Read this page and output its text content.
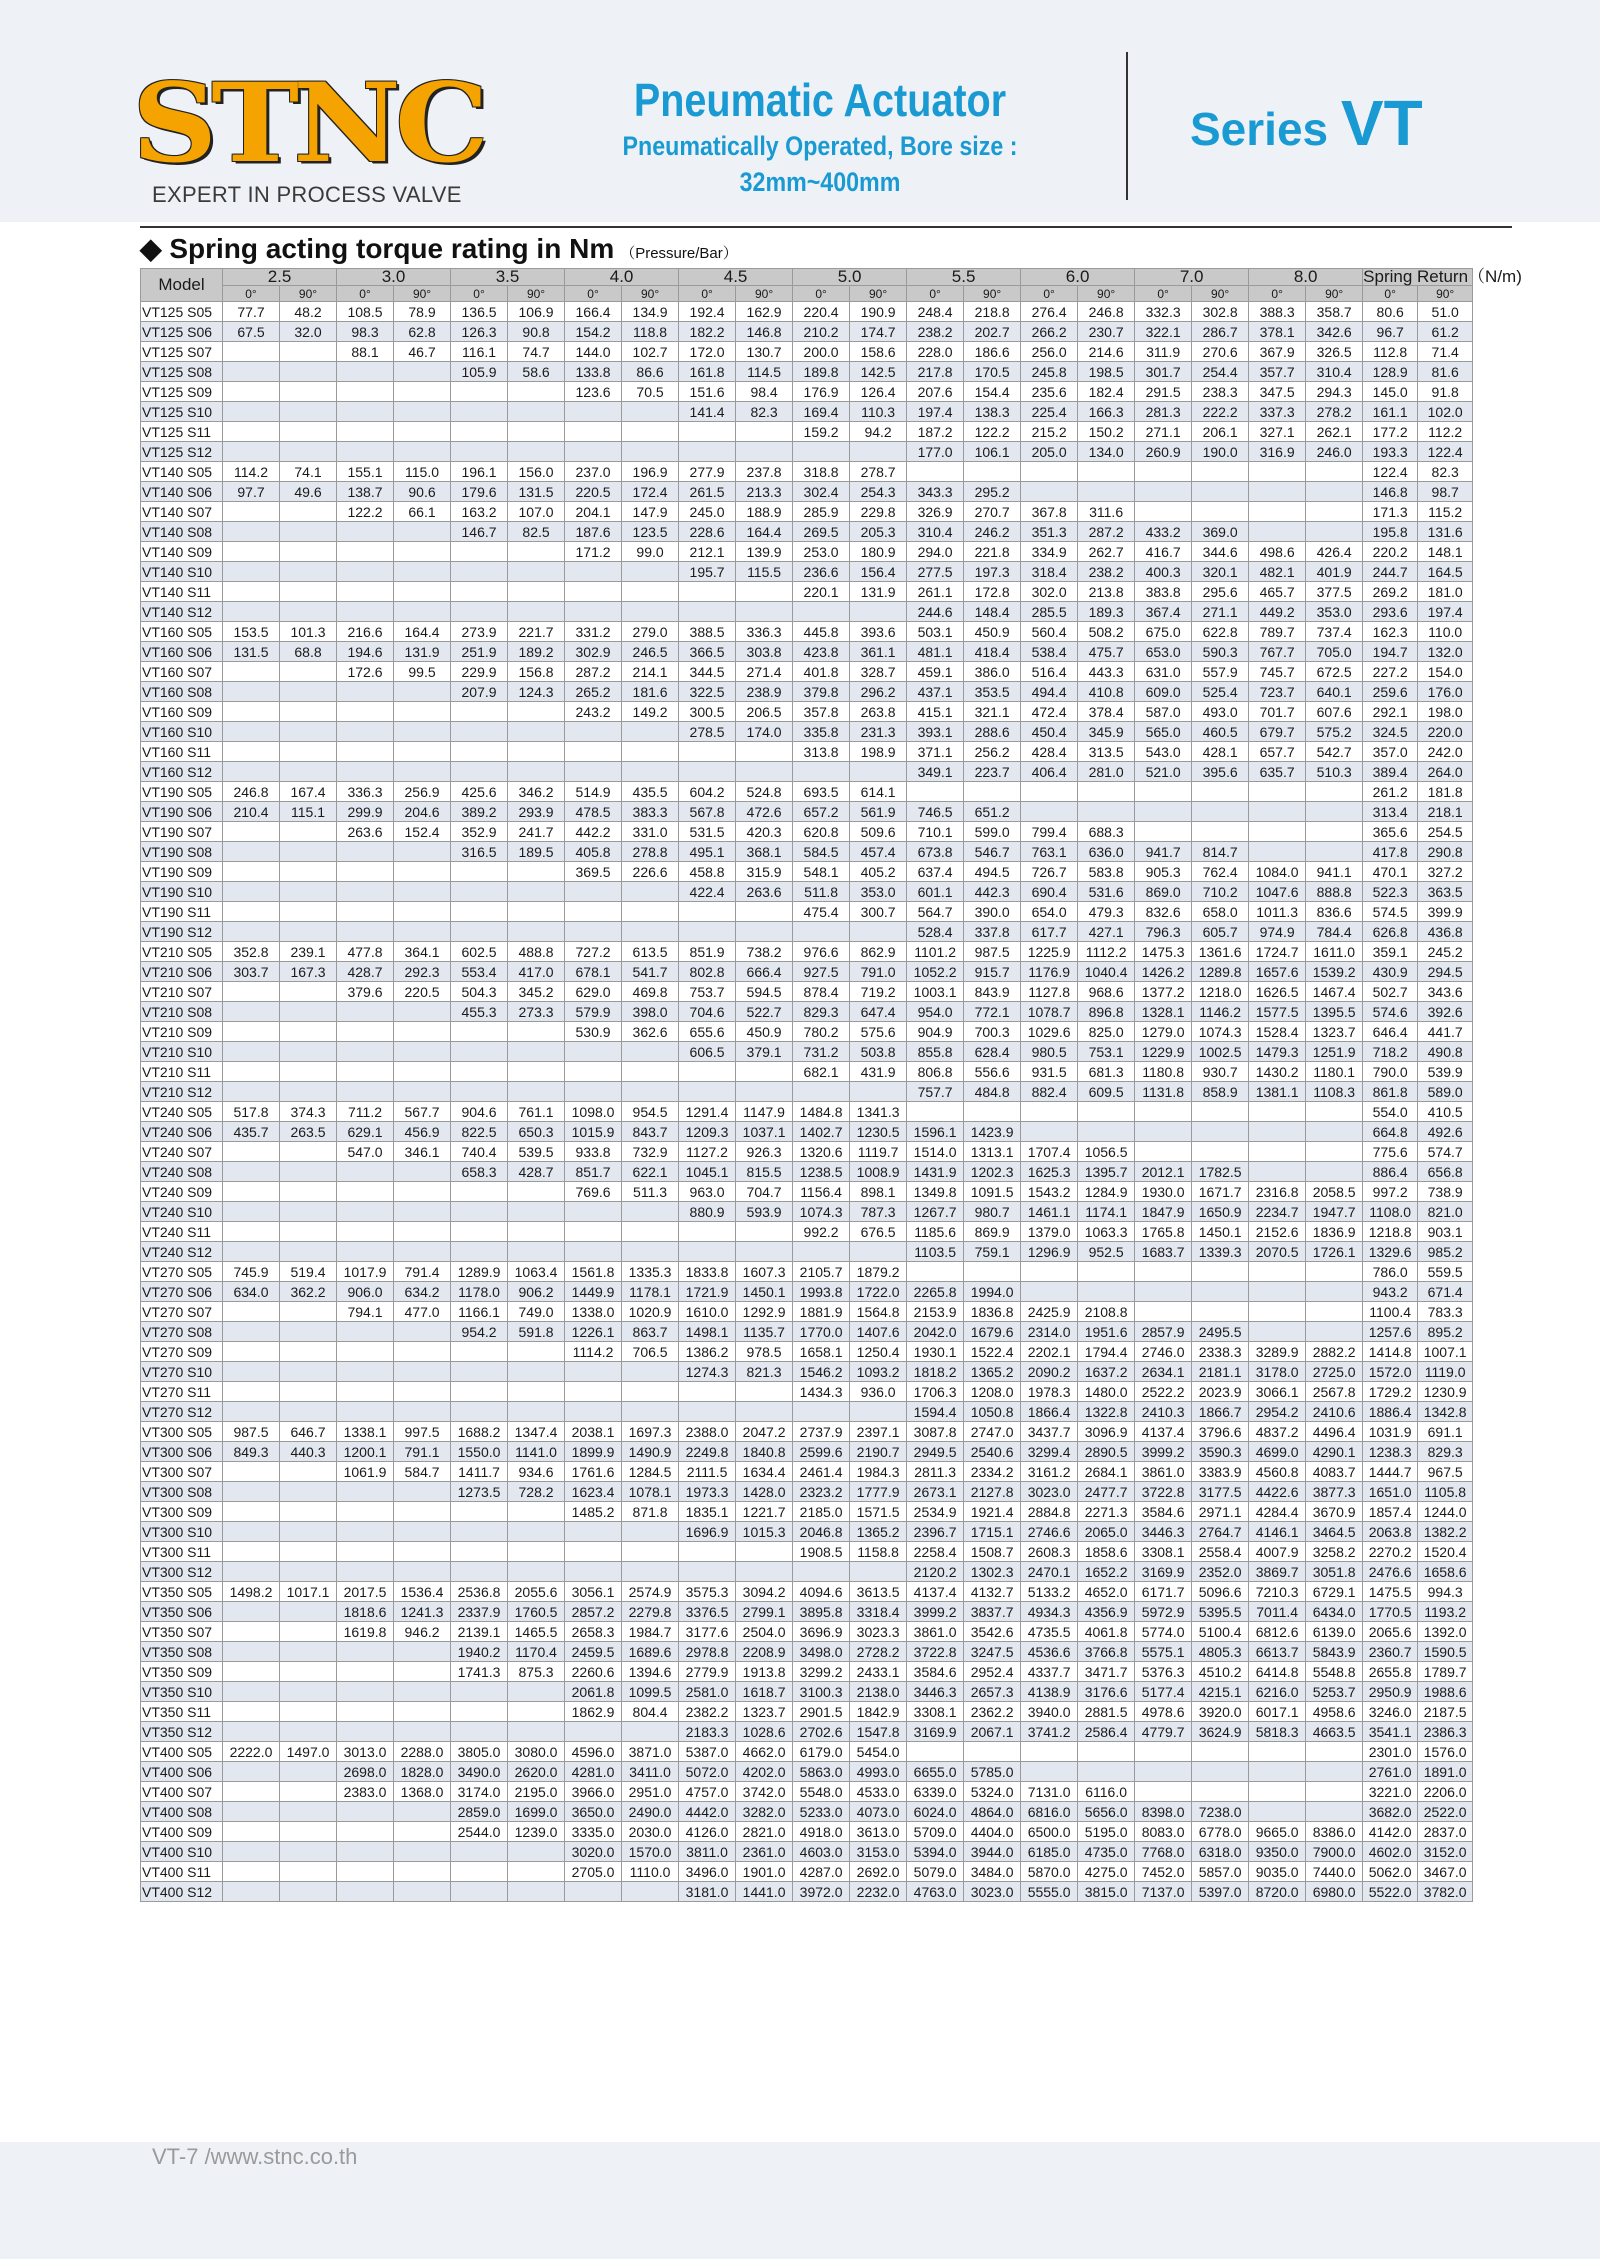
STNC
EXPERT IN PROCESS VALVE
Pneumatic Actuator
Pneumatically Operated, Bore size :
32mm~400mm
Series VT
◆ Spring acting torque rating in Nm （Pressure/Bar）
Model	2.5		3.0		3.5		4.0		4.5		5.0		5.5		6.0		7.0		8.0		Spring Return（N/m)	
	0°	90°	0°	90°	0°	90°	0°	90°	0°	90°	0°	90°	0°	90°	0°	90°	0°	90°	0°	90°	0°	90°
VT125 S05	77.7	48.2	108.5	78.9	136.5	106.9	166.4	134.9	192.4	162.9	220.4	190.9	248.4	218.8	276.4	246.8	332.3	302.8	388.3	358.7	80.6	51.0
VT125 S06	67.5	32.0	98.3	62.8	126.3	90.8	154.2	118.8	182.2	146.8	210.2	174.7	238.2	202.7	266.2	230.7	322.1	286.7	378.1	342.6	96.7	61.2
VT125 S07			88.1	46.7	116.1	74.7	144.0	102.7	172.0	130.7	200.0	158.6	228.0	186.6	256.0	214.6	311.9	270.6	367.9	326.5	112.8	71.4
VT125 S08					105.9	58.6	133.8	86.6	161.8	114.5	189.8	142.5	217.8	170.5	245.8	198.5	301.7	254.4	357.7	310.4	128.9	81.6
VT125 S09							123.6	70.5	151.6	98.4	176.9	126.4	207.6	154.4	235.6	182.4	291.5	238.3	347.5	294.3	145.0	91.8
VT125 S10									141.4	82.3	169.4	110.3	197.4	138.3	225.4	166.3	281.3	222.2	337.3	278.2	161.1	102.0
VT125 S11											159.2	94.2	187.2	122.2	215.2	150.2	271.1	206.1	327.1	262.1	177.2	112.2
VT125 S12													177.0	106.1	205.0	134.0	260.9	190.0	316.9	246.0	193.3	122.4
VT140 S05	114.2	74.1	155.1	115.0	196.1	156.0	237.0	196.9	277.9	237.8	318.8	278.7									122.4	82.3
VT140 S06	97.7	49.6	138.7	90.6	179.6	131.5	220.5	172.4	261.5	213.3	302.4	254.3	343.3	295.2							146.8	98.7
VT140 S07			122.2	66.1	163.2	107.0	204.1	147.9	245.0	188.9	285.9	229.8	326.9	270.7	367.8	311.6					171.3	115.2
VT140 S08					146.7	82.5	187.6	123.5	228.6	164.4	269.5	205.3	310.4	246.2	351.3	287.2	433.2	369.0			195.8	131.6
VT140 S09							171.2	99.0	212.1	139.9	253.0	180.9	294.0	221.8	334.9	262.7	416.7	344.6	498.6	426.4	220.2	148.1
VT140 S10									195.7	115.5	236.6	156.4	277.5	197.3	318.4	238.2	400.3	320.1	482.1	401.9	244.7	164.5
VT140 S11											220.1	131.9	261.1	172.8	302.0	213.8	383.8	295.6	465.7	377.5	269.2	181.0
VT140 S12													244.6	148.4	285.5	189.3	367.4	271.1	449.2	353.0	293.6	197.4
VT160 S05	153.5	101.3	216.6	164.4	273.9	221.7	331.2	279.0	388.5	336.3	445.8	393.6	503.1	450.9	560.4	508.2	675.0	622.8	789.7	737.4	162.3	110.0
VT160 S06	131.5	68.8	194.6	131.9	251.9	189.2	302.9	246.5	366.5	303.8	423.8	361.1	481.1	418.4	538.4	475.7	653.0	590.3	767.7	705.0	194.7	132.0
VT160 S07			172.6	99.5	229.9	156.8	287.2	214.1	344.5	271.4	401.8	328.7	459.1	386.0	516.4	443.3	631.0	557.9	745.7	672.5	227.2	154.0
VT160 S08					207.9	124.3	265.2	181.6	322.5	238.9	379.8	296.2	437.1	353.5	494.4	410.8	609.0	525.4	723.7	640.1	259.6	176.0
VT160 S09							243.2	149.2	300.5	206.5	357.8	263.8	415.1	321.1	472.4	378.4	587.0	493.0	701.7	607.6	292.1	198.0
VT160 S10									278.5	174.0	335.8	231.3	393.1	288.6	450.4	345.9	565.0	460.5	679.7	575.2	324.5	220.0
VT160 S11											313.8	198.9	371.1	256.2	428.4	313.5	543.0	428.1	657.7	542.7	357.0	242.0
VT160 S12													349.1	223.7	406.4	281.0	521.0	395.6	635.7	510.3	389.4	264.0
VT190 S05	246.8	167.4	336.3	256.9	425.6	346.2	514.9	435.5	604.2	524.8	693.5	614.1									261.2	181.8
VT190 S06	210.4	115.1	299.9	204.6	389.2	293.9	478.5	383.3	567.8	472.6	657.2	561.9	746.5	651.2							313.4	218.1
VT190 S07			263.6	152.4	352.9	241.7	442.2	331.0	531.5	420.3	620.8	509.6	710.1	599.0	799.4	688.3					365.6	254.5
VT190 S08					316.5	189.5	405.8	278.8	495.1	368.1	584.5	457.4	673.8	546.7	763.1	636.0	941.7	814.7			417.8	290.8
VT190 S09							369.5	226.6	458.8	315.9	548.1	405.2	637.4	494.5	726.7	583.8	905.3	762.4	1084.0	941.1	470.1	327.2
VT190 S10									422.4	263.6	511.8	353.0	601.1	442.3	690.4	531.6	869.0	710.2	1047.6	888.8	522.3	363.5
VT190 S11											475.4	300.7	564.7	390.0	654.0	479.3	832.6	658.0	1011.3	836.6	574.5	399.9
VT190 S12													528.4	337.8	617.7	427.1	796.3	605.7	974.9	784.4	626.8	436.8
VT210 S05	352.8	239.1	477.8	364.1	602.5	488.8	727.2	613.5	851.9	738.2	976.6	862.9	1101.2	987.5	1225.9	1112.2	1475.3	1361.6	1724.7	1611.0	359.1	245.2
VT210 S06	303.7	167.3	428.7	292.3	553.4	417.0	678.1	541.7	802.8	666.4	927.5	791.0	1052.2	915.7	1176.9	1040.4	1426.2	1289.8	1657.6	1539.2	430.9	294.5
VT210 S07			379.6	220.5	504.3	345.2	629.0	469.8	753.7	594.5	878.4	719.2	1003.1	843.9	1127.8	968.6	1377.2	1218.0	1626.5	1467.4	502.7	343.6
VT210 S08					455.3	273.3	579.9	398.0	704.6	522.7	829.3	647.4	954.0	772.1	1078.7	896.8	1328.1	1146.2	1577.5	1395.5	574.6	392.6
VT210 S09							530.9	362.6	655.6	450.9	780.2	575.6	904.9	700.3	1029.6	825.0	1279.0	1074.3	1528.4	1323.7	646.4	441.7
VT210 S10									606.5	379.1	731.2	503.8	855.8	628.4	980.5	753.1	1229.9	1002.5	1479.3	1251.9	718.2	490.8
VT210 S11											682.1	431.9	806.8	556.6	931.5	681.3	1180.8	930.7	1430.2	1180.1	790.0	539.9
VT210 S12													757.7	484.8	882.4	609.5	1131.8	858.9	1381.1	1108.3	861.8	589.0
VT240 S05	517.8	374.3	711.2	567.7	904.6	761.1	1098.0	954.5	1291.4	1147.9	1484.8	1341.3									554.0	410.5
VT240 S06	435.7	263.5	629.1	456.9	822.5	650.3	1015.9	843.7	1209.3	1037.1	1402.7	1230.5	1596.1	1423.9							664.8	492.6
VT240 S07			547.0	346.1	740.4	539.5	933.8	732.9	1127.2	926.3	1320.6	1119.7	1514.0	1313.1	1707.4	1056.5					775.6	574.7
VT240 S08					658.3	428.7	851.7	622.1	1045.1	815.5	1238.5	1008.9	1431.9	1202.3	1625.3	1395.7	2012.1	1782.5			886.4	656.8
VT240 S09							769.6	511.3	963.0	704.7	1156.4	898.1	1349.8	1091.5	1543.2	1284.9	1930.0	1671.7	2316.8	2058.5	997.2	738.9
VT240 S10									880.9	593.9	1074.3	787.3	1267.7	980.7	1461.1	1174.1	1847.9	1650.9	2234.7	1947.7	1108.0	821.0
VT240 S11											992.2	676.5	1185.6	869.9	1379.0	1063.3	1765.8	1450.1	2152.6	1836.9	1218.8	903.1
VT240 S12													1103.5	759.1	1296.9	952.5	1683.7	1339.3	2070.5	1726.1	1329.6	985.2
VT270 S05	745.9	519.4	1017.9	791.4	1289.9	1063.4	1561.8	1335.3	1833.8	1607.3	2105.7	1879.2									786.0	559.5
VT270 S06	634.0	362.2	906.0	634.2	1178.0	906.2	1449.9	1178.1	1721.9	1450.1	1993.8	1722.0	2265.8	1994.0							943.2	671.4
VT270 S07			794.1	477.0	1166.1	749.0	1338.0	1020.9	1610.0	1292.9	1881.9	1564.8	2153.9	1836.8	2425.9	2108.8					1100.4	783.3
VT270 S08					954.2	591.8	1226.1	863.7	1498.1	1135.7	1770.0	1407.6	2042.0	1679.6	2314.0	1951.6	2857.9	2495.5			1257.6	895.2
VT270 S09							1114.2	706.5	1386.2	978.5	1658.1	1250.4	1930.1	1522.4	2202.1	1794.4	2746.0	2338.3	3289.9	2882.2	1414.8	1007.1
VT270 S10									1274.3	821.3	1546.2	1093.2	1818.2	1365.2	2090.2	1637.2	2634.1	2181.1	3178.0	2725.0	1572.0	1119.0
VT270 S11											1434.3	936.0	1706.3	1208.0	1978.3	1480.0	2522.2	2023.9	3066.1	2567.8	1729.2	1230.9
VT270 S12													1594.4	1050.8	1866.4	1322.8	2410.3	1866.7	2954.2	2410.6	1886.4	1342.8
VT300 S05	987.5	646.7	1338.1	997.5	1688.2	1347.4	2038.1	1697.3	2388.0	2047.2	2737.9	2397.1	3087.8	2747.0	3437.7	3096.9	4137.4	3796.6	4837.2	4496.4	1031.9	691.1
VT300 S06	849.3	440.3	1200.1	791.1	1550.0	1141.0	1899.9	1490.9	2249.8	1840.8	2599.6	2190.7	2949.5	2540.6	3299.4	2890.5	3999.2	3590.3	4699.0	4290.1	1238.3	829.3
VT300 S07			1061.9	584.7	1411.7	934.6	1761.6	1284.5	2111.5	1634.4	2461.4	1984.3	2811.3	2334.2	3161.2	2684.1	3861.0	3383.9	4560.8	4083.7	1444.7	967.5
VT300 S08					1273.5	728.2	1623.4	1078.1	1973.3	1428.0	2323.2	1777.9	2673.1	2127.8	3023.0	2477.7	3722.8	3177.5	4422.6	3877.3	1651.0	1105.8
VT300 S09							1485.2	871.8	1835.1	1221.7	2185.0	1571.5	2534.9	1921.4	2884.8	2271.3	3584.6	2971.1	4284.4	3670.9	1857.4	1244.0
VT300 S10									1696.9	1015.3	2046.8	1365.2	2396.7	1715.1	2746.6	2065.0	3446.3	2764.7	4146.1	3464.5	2063.8	1382.2
VT300 S11											1908.5	1158.8	2258.4	1508.7	2608.3	1858.6	3308.1	2558.4	4007.9	3258.2	2270.2	1520.4
VT300 S12													2120.2	1302.3	2470.1	1652.2	3169.9	2352.0	3869.7	3051.8	2476.6	1658.6
VT350 S05	1498.2	1017.1	2017.5	1536.4	2536.8	2055.6	3056.1	2574.9	3575.3	3094.2	4094.6	3613.5	4137.4	4132.7	5133.2	4652.0	6171.7	5096.6	7210.3	6729.1	1475.5	994.3
VT350 S06			1818.6	1241.3	2337.9	1760.5	2857.2	2279.8	3376.5	2799.1	3895.8	3318.4	3999.2	3837.7	4934.3	4356.9	5972.9	5395.5	7011.4	6434.0	1770.5	1193.2
VT350 S07			1619.8	946.2	2139.1	1465.5	2658.3	1984.7	3177.6	2504.0	3696.9	3023.3	3861.0	3542.6	4735.5	4061.8	5774.0	5100.4	6812.6	6139.0	2065.6	1392.0
VT350 S08					1940.2	1170.4	2459.5	1689.6	2978.8	2208.9	3498.0	2728.2	3722.8	3247.5	4536.6	3766.8	5575.1	4805.3	6613.7	5843.9	2360.7	1590.5
VT350 S09					1741.3	875.3	2260.6	1394.6	2779.9	1913.8	3299.2	2433.1	3584.6	2952.4	4337.7	3471.7	5376.3	4510.2	6414.8	5548.8	2655.8	1789.7
VT350 S10							2061.8	1099.5	2581.0	1618.7	3100.3	2138.0	3446.3	2657.3	4138.9	3176.6	5177.4	4215.1	6216.0	5253.7	2950.9	1988.6
VT350 S11							1862.9	804.4	2382.2	1323.7	2901.5	1842.9	3308.1	2362.2	3940.0	2881.5	4978.6	3920.0	6017.1	4958.6	3246.0	2187.5
VT350 S12									2183.3	1028.6	2702.6	1547.8	3169.9	2067.1	3741.2	2586.4	4779.7	3624.9	5818.3	4663.5	3541.1	2386.3
VT400 S05	2222.0	1497.0	3013.0	2288.0	3805.0	3080.0	4596.0	3871.0	5387.0	4662.0	6179.0	5454.0									2301.0	1576.0
VT400 S06			2698.0	1828.0	3490.0	2620.0	4281.0	3411.0	5072.0	4202.0	5863.0	4993.0	6655.0	5785.0							2761.0	1891.0
VT400 S07			2383.0	1368.0	3174.0	2195.0	3966.0	2951.0	4757.0	3742.0	5548.0	4533.0	6339.0	5324.0	7131.0	6116.0					3221.0	2206.0
VT400 S08					2859.0	1699.0	3650.0	2490.0	4442.0	3282.0	5233.0	4073.0	6024.0	4864.0	6816.0	5656.0	8398.0	7238.0			3682.0	2522.0
VT400 S09					2544.0	1239.0	3335.0	2030.0	4126.0	2821.0	4918.0	3613.0	5709.0	4404.0	6500.0	5195.0	8083.0	6778.0	9665.0	8386.0	4142.0	2837.0
VT400 S10							3020.0	1570.0	3811.0	2361.0	4603.0	3153.0	5394.0	3944.0	6185.0	4735.0	7768.0	6318.0	9350.0	7900.0	4602.0	3152.0
VT400 S11							2705.0	1110.0	3496.0	1901.0	4287.0	2692.0	5079.0	3484.0	5870.0	4275.0	7452.0	5857.0	9035.0	7440.0	5062.0	3467.0
VT400 S12									3181.0	1441.0	3972.0	2232.0	4763.0	3023.0	5555.0	3815.0	7137.0	5397.0	8720.0	6980.0	5522.0	3782.0
VT-7 /www.stnc.co.th
